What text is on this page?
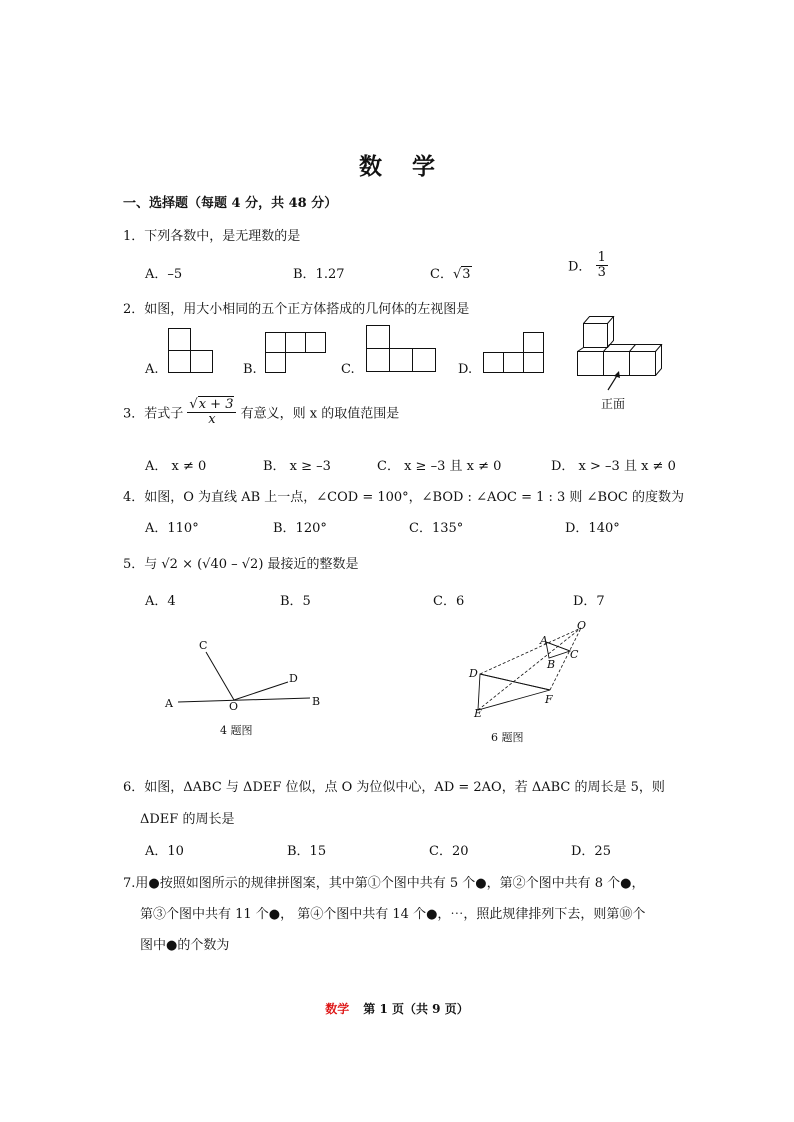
数学
一、选择题（每题 4 分，共 48 分）
1．下列各数中，是无理数的是
A．–5	B．1.27	C．√3	D． $\frac{1}{3}$
2．如图，用大小相同的五个正方体搭成的几何体的左视图是
A.	B.	C.	D.
正面
3．若式子 $\frac{√x + 3}{x}$ 有意义，则 x 的取值范围是
A． x ≠ 0	B． x ≥ –3	C． x ≥ –3 且 x ≠ 0	D． x > –3 且 x ≠ 0
4．如图，O 为直线 AB 上一点，∠COD = 100°，∠BOD : ∠AOC = 1 : 3 则 ∠BOC 的度数为
A．110°	B．120°	C．135°	D．140°
5．与 √2 × (√40 – √2) 最接近的整数是
A．4	B．5	C．6	D．7
A	O	B
C
D
4 题图
O
A
B
C
D
E
F
6 题图
6．如图，ΔABC 与 ΔDEF 位似，点 O 为位似中心，AD = 2AO，若 ΔABC 的周长是 5，则
ΔDEF 的周长是
A．10	B．15	C．20	D．25
7.用●按照如图所示的规律拼图案，其中第①个图中共有 5 个●，第②个图中共有 8 个●，
第③个图中共有 11 个●， 第④个图中共有 14 个●，⋯，照此规律排列下去，则第⑩个
图中●的个数为
数学 第 1 页（共 9 页）
